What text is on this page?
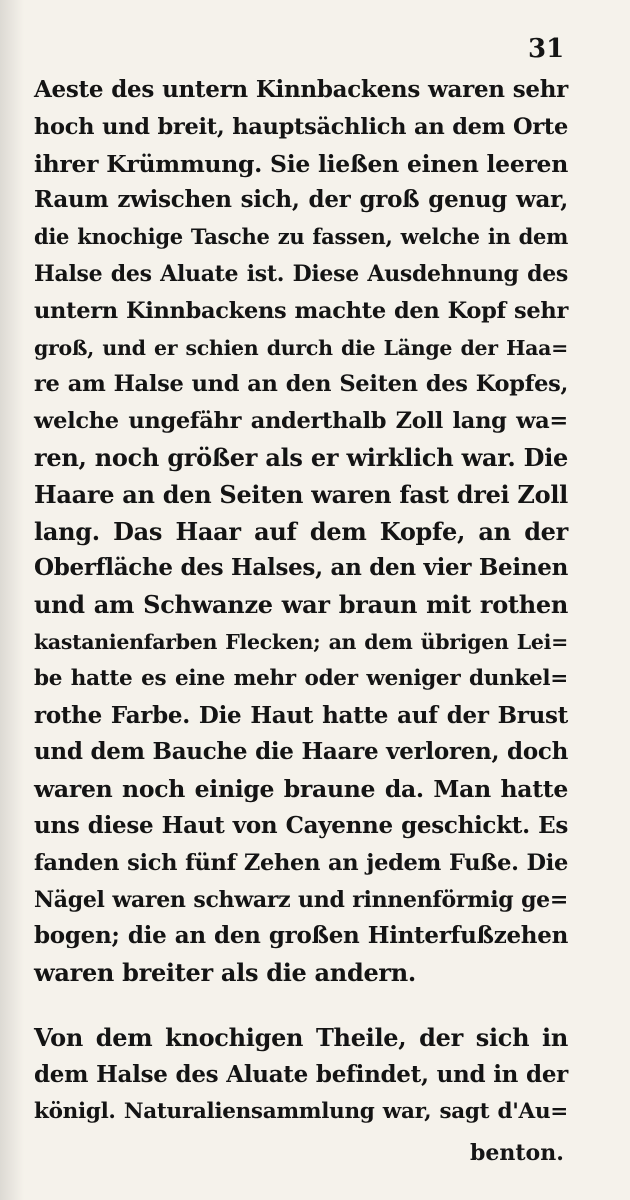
31
Aeste des untern Kinnbackens waren sehr
hoch und breit, hauptsächlich an dem Orte
ihrer Krümmung. Sie ließen einen leeren
Raum zwischen sich, der groß genug war,
die knochige Tasche zu fassen, welche in dem
Halse des Aluate ist. Diese Ausdehnung des
untern Kinnbackens machte den Kopf sehr
groß, und er schien durch die Länge der Haa=
re am Halse und an den Seiten des Kopfes,
welche ungefähr anderthalb Zoll lang wa=
ren, noch größer als er wirklich war. Die
Haare an den Seiten waren fast drei Zoll
lang. Das Haar auf dem Kopfe, an der
Oberfläche des Halses, an den vier Beinen
und am Schwanze war braun mit rothen
kastanienfarben Flecken; an dem übrigen Lei=
be hatte es eine mehr oder weniger dunkel=
rothe Farbe. Die Haut hatte auf der Brust
und dem Bauche die Haare verloren, doch
waren noch einige braune da. Man hatte
uns diese Haut von Cayenne geschickt. Es
fanden sich fünf Zehen an jedem Fuße. Die
Nägel waren schwarz und rinnenförmig ge=
bogen; die an den großen Hinterfußzehen
waren breiter als die andern.
Von dem knochigen Theile, der sich in
dem Halse des Aluate befindet, und in der
königl. Naturaliensammlung war, sagt d'Au=
benton.
